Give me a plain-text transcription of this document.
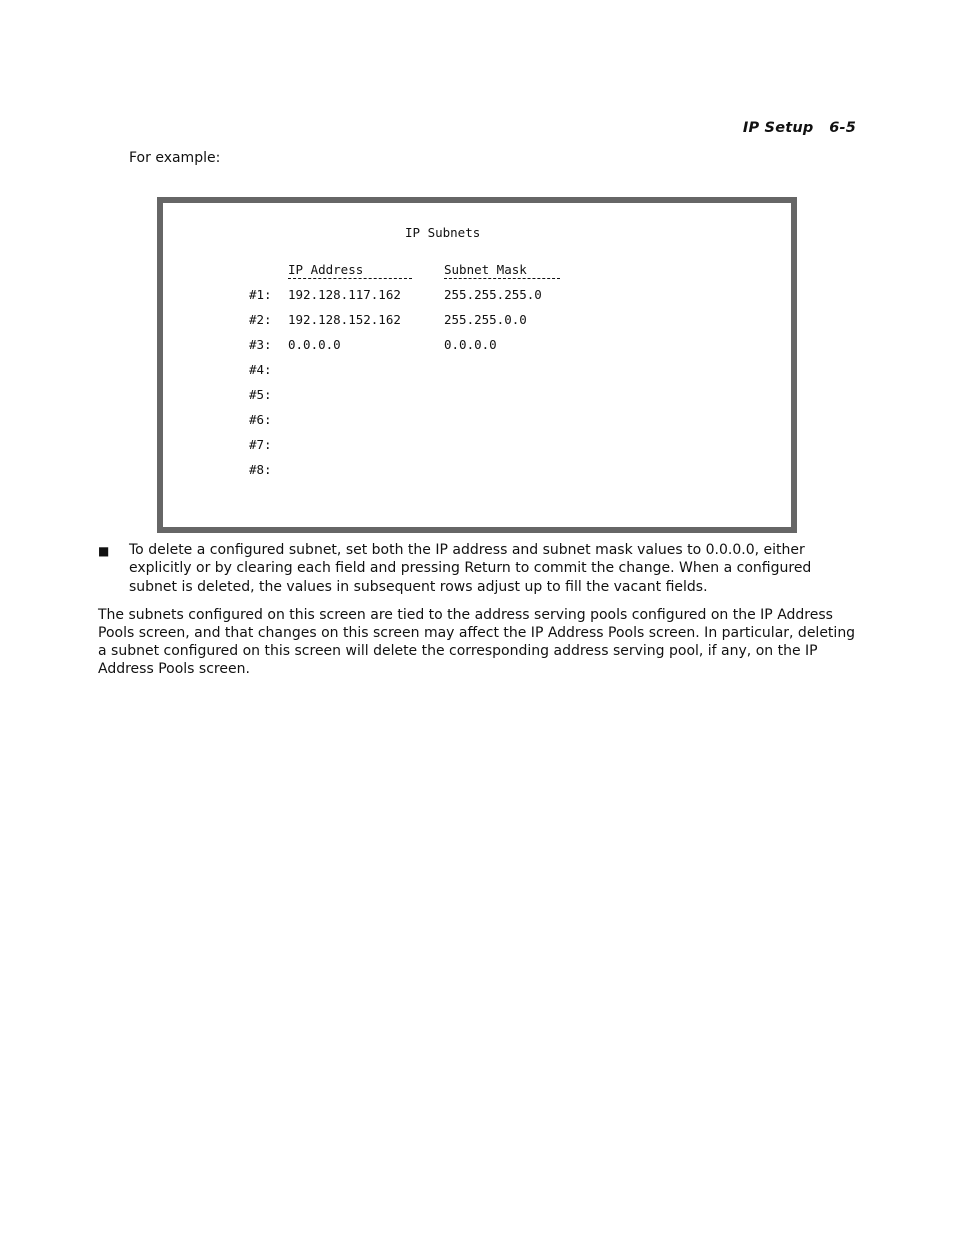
IP Setup   6-5
For example:
IP Subnets
IP Address	Subnet Mask
#1: 192.128.117.162	255.255.255.0
#2: 192.128.152.162	255.255.0.0
#3: 0.0.0.0	0.0.0.0
#4:
#5:
#6:
#7:
#8:
■ To delete a configured subnet, set both the IP address and subnet mask values to 0.0.0.0, either explicitly or by clearing each field and pressing Return to commit the change. When a configured subnet is deleted, the values in subsequent rows adjust up to fill the vacant fields.
The subnets configured on this screen are tied to the address serving pools configured on the IP Address Pools screen, and that changes on this screen may affect the IP Address Pools screen. In particular, deleting a subnet configured on this screen will delete the corresponding address serving pool, if any, on the IP Address Pools screen.
